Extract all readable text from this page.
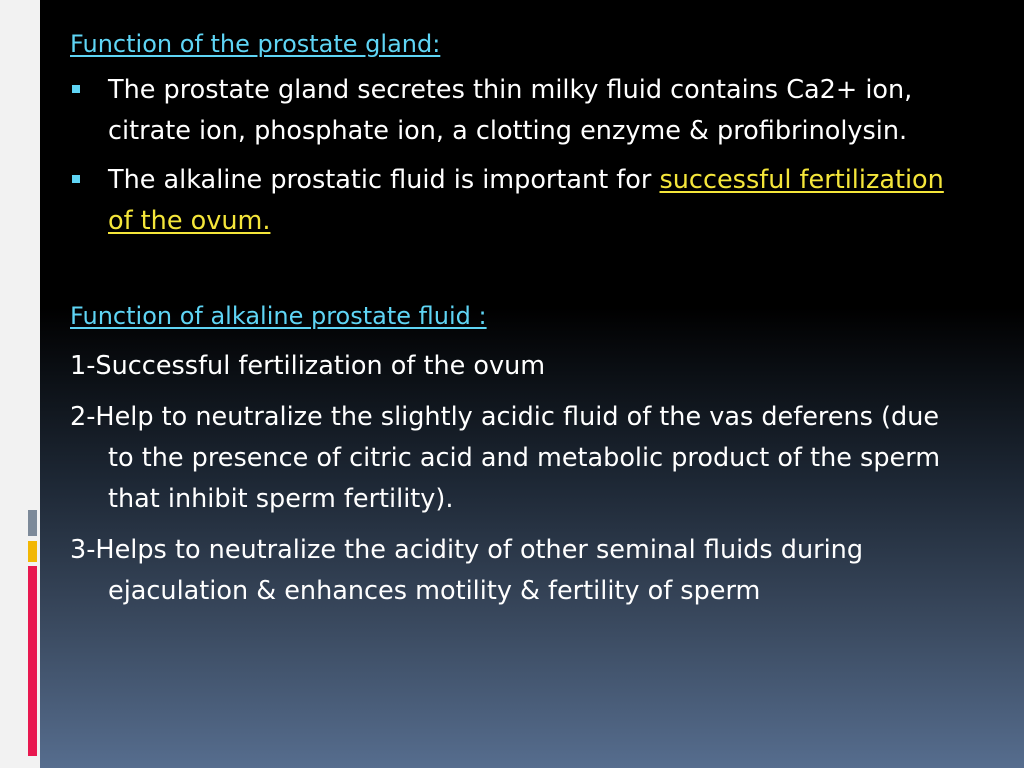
Function of the prostate gland:
The prostate gland secretes thin milky fluid contains Ca2+ ion, citrate ion, phosphate ion, a clotting enzyme & profibrinolysin.
The alkaline prostatic fluid is important for successful fertilization of the ovum.
Function of alkaline prostate fluid :
1-Successful fertilization of the ovum
2-Help to neutralize the slightly acidic fluid of the vas deferens (due to the presence of citric acid and metabolic product of the sperm that inhibit sperm fertility).
3-Helps to neutralize the acidity of other seminal fluids during ejaculation & enhances motility & fertility of sperm
